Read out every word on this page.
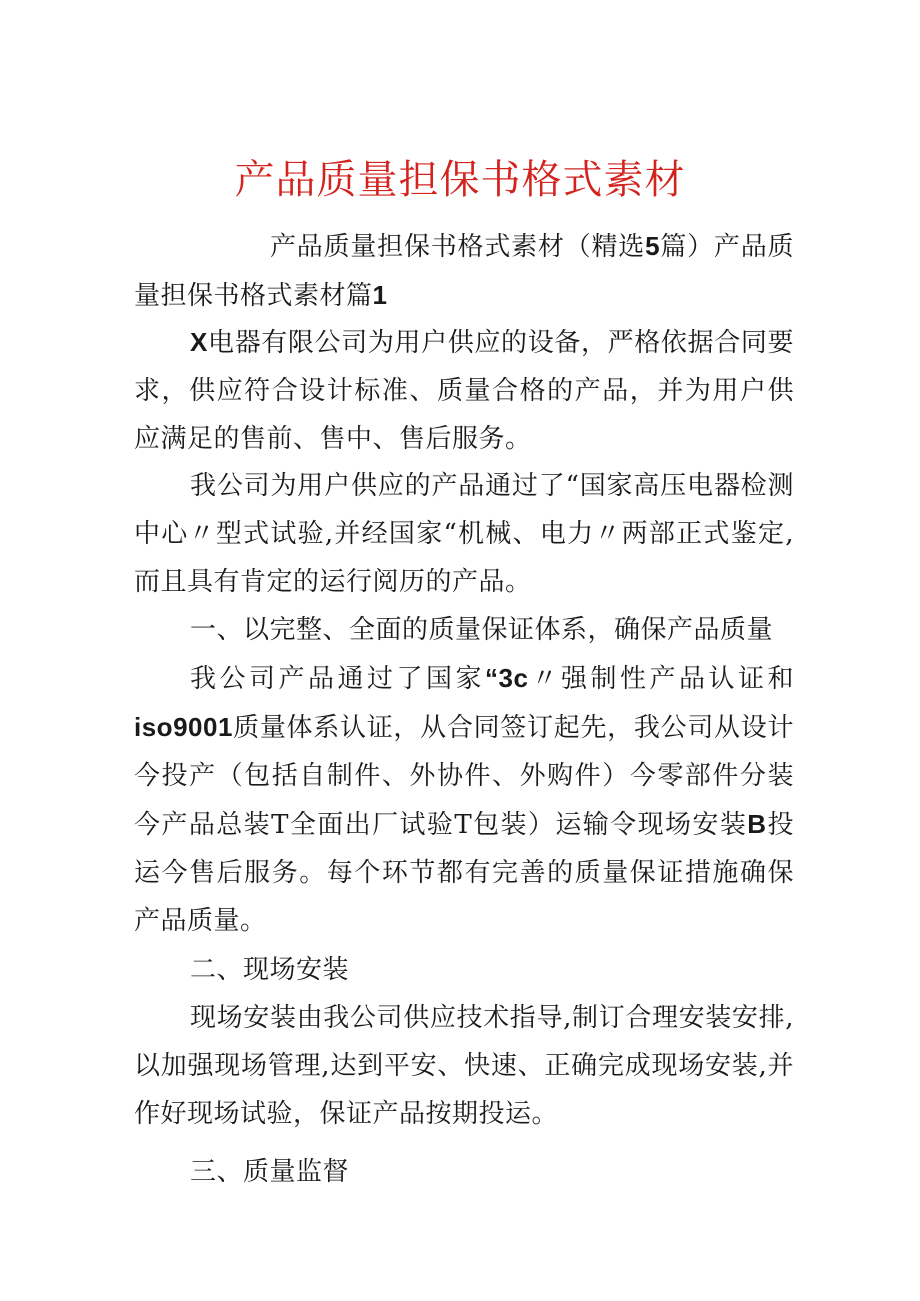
产品质量担保书格式素材

产品质量担保书格式素材（精选5篇）产品质量担保书格式素材篇1

X电器有限公司为用户供应的设备，严格依据合同要求，供应符合设计标准、质量合格的产品，并为用户供应满足的售前、售中、售后服务。

我公司为用户供应的产品通过了“国家高压电器检测中心〃型式试验,并经国家“机械、电力〃两部正式鉴定,而且具有肯定的运行阅历的产品。

一、以完整、全面的质量保证体系，确保产品质量

我公司产品通过了国家“3c〃强制性产品认证和iso9001质量体系认证，从合同签订起先，我公司从设计今投产（包括自制件、外协件、外购件）今零部件分装今产品总装T全面出厂试验T包装）运输令现场安装B投运今售后服务。每个环节都有完善的质量保证措施确保产品质量。

二、现场安装

现场安装由我公司供应技术指导,制订合理安装安排,以加强现场管理,达到平安、快速、正确完成现场安装,并作好现场试验，保证产品按期投运。

三、质量监督
